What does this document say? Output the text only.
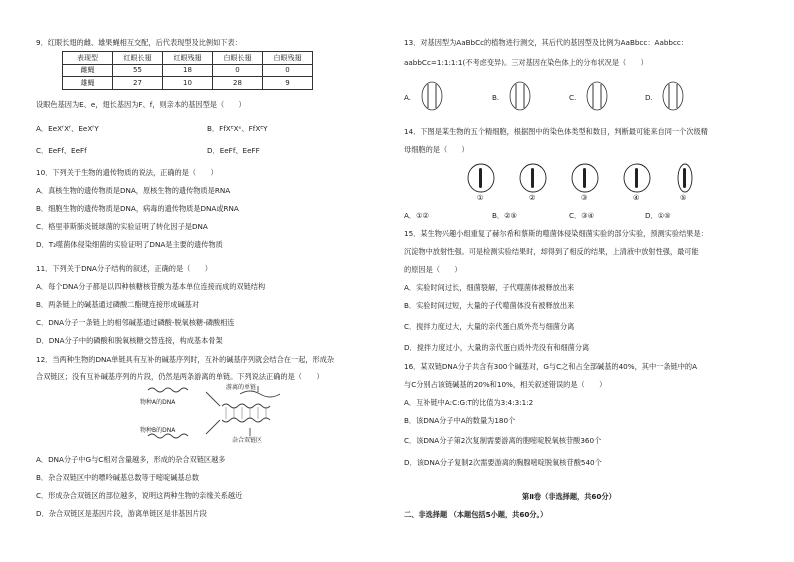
9．红眼长翅的雌、雄果蝇相互交配，后代表现型及比例如下表：
表现型	红眼长翅	红眼残翅	白眼长翅	白眼残翅
雌蝇	55	18	0	0
雄蝇	27	10	28	9
设眼色基因为E、e，翅长基因为F、f，则亲本的基因型是（　　）
A．EeXᶠXᶠ、EeXᶠY	B．FfXᴱXᵉ、FfXᴱY
C．EeFf、EeFf	D．EeFf、EeFF
10．下列关于生物的遗传物质的说法，正确的是（　　）
A．真核生物的遗传物质是DNA，原核生物的遗传物质是RNA
B．细胞生物的遗传物质是DNA，病毒的遗传物质是DNA或RNA
C．格里菲斯肺炎链球菌的实验证明了转化因子是DNA
D．T₂噬菌体侵染细菌的实验证明了DNA是主要的遗传物质
11．下列关于DNA分子结构的叙述，正确的是（　　）
A．每个DNA分子都是以四种核糖核苷酸为基本单位连接而成的双链结构
B．两条链上的碱基通过磷酸二酯键连接形成碱基对
C．DNA分子一条链上的相邻碱基通过磷酸-脱氧核糖-磷酸相连
D．DNA分子中的磷酸和脱氧核糖交替连接，构成基本骨架
12．当两种生物的DNA单链具有互补的碱基序列时，互补的碱基序列就会结合在一起，形成杂
合双链区；没有互补碱基序列的片段，仍然是两条游离的单链。下列说法正确的是（　　）
游离的单链
物种A的DNA
物种B的DNA
杂合双链区
A．DNA分子中G与C相对含量越多，形成的杂合双链区越多
B．杂合双链区中的嘌呤碱基总数等于嘧啶碱基总数
C．形成杂合双链区的部位越多，说明这两种生物的亲缘关系越近
D．杂合双链区是基因片段，游离单链区是非基因片段
13．对基因型为AaBbCc的植物进行测交，其后代的基因型及比例为AaBbcc：Aabbcc：
aabbCc=1:1:1:1(不考虑变异)。三对基因在染色体上的分布状况是（　　）
A.	B.	C.	D.
14．下图是某生物的五个精细胞，根据图中的染色体类型和数目，判断最可能来自同一个次级精
母细胞的是（　　）
①	②	③	④	⑤
A．①②	B．②⑤	C．③④	D．①⑤
15．某生物兴趣小组重复了赫尔希和蔡斯的噬菌体侵染细菌实验的部分实验，预测实验结果是：
沉淀物中放射性强。可是检测实验结果时，却得到了相反的结果，上清液中放射性强，最可能
的原因是（　　）
A．实验时间过长，细菌裂解，子代噬菌体被释放出来
B．实验时间过短，大量的子代噬菌体没有被释放出来
C．搅拌力度过大，大量的亲代蛋白质外壳与细菌分离
D．搅拌力度过小，大量的亲代蛋白质外壳没有和细菌分离
16．某双链DNA分子共含有300个碱基对，G与C之和占全部碱基的40%，其中一条链中的A
与C分别占该链碱基的20%和10%，相关叙述错误的是（　　）
A．互补链中A:C:G:T的比值为3:4:3:1:2
B．该DNA分子中A的数量为180个
C．该DNA分子第2次复制需要游离的胞嘧啶脱氧核苷酸360个
D．该DNA分子复制2次需要游离的胸腺嘧啶脱氧核苷酸540个
第Ⅱ卷（非选择题，共60分）
二、非选择题 （本题包括5小题，共60分。）
